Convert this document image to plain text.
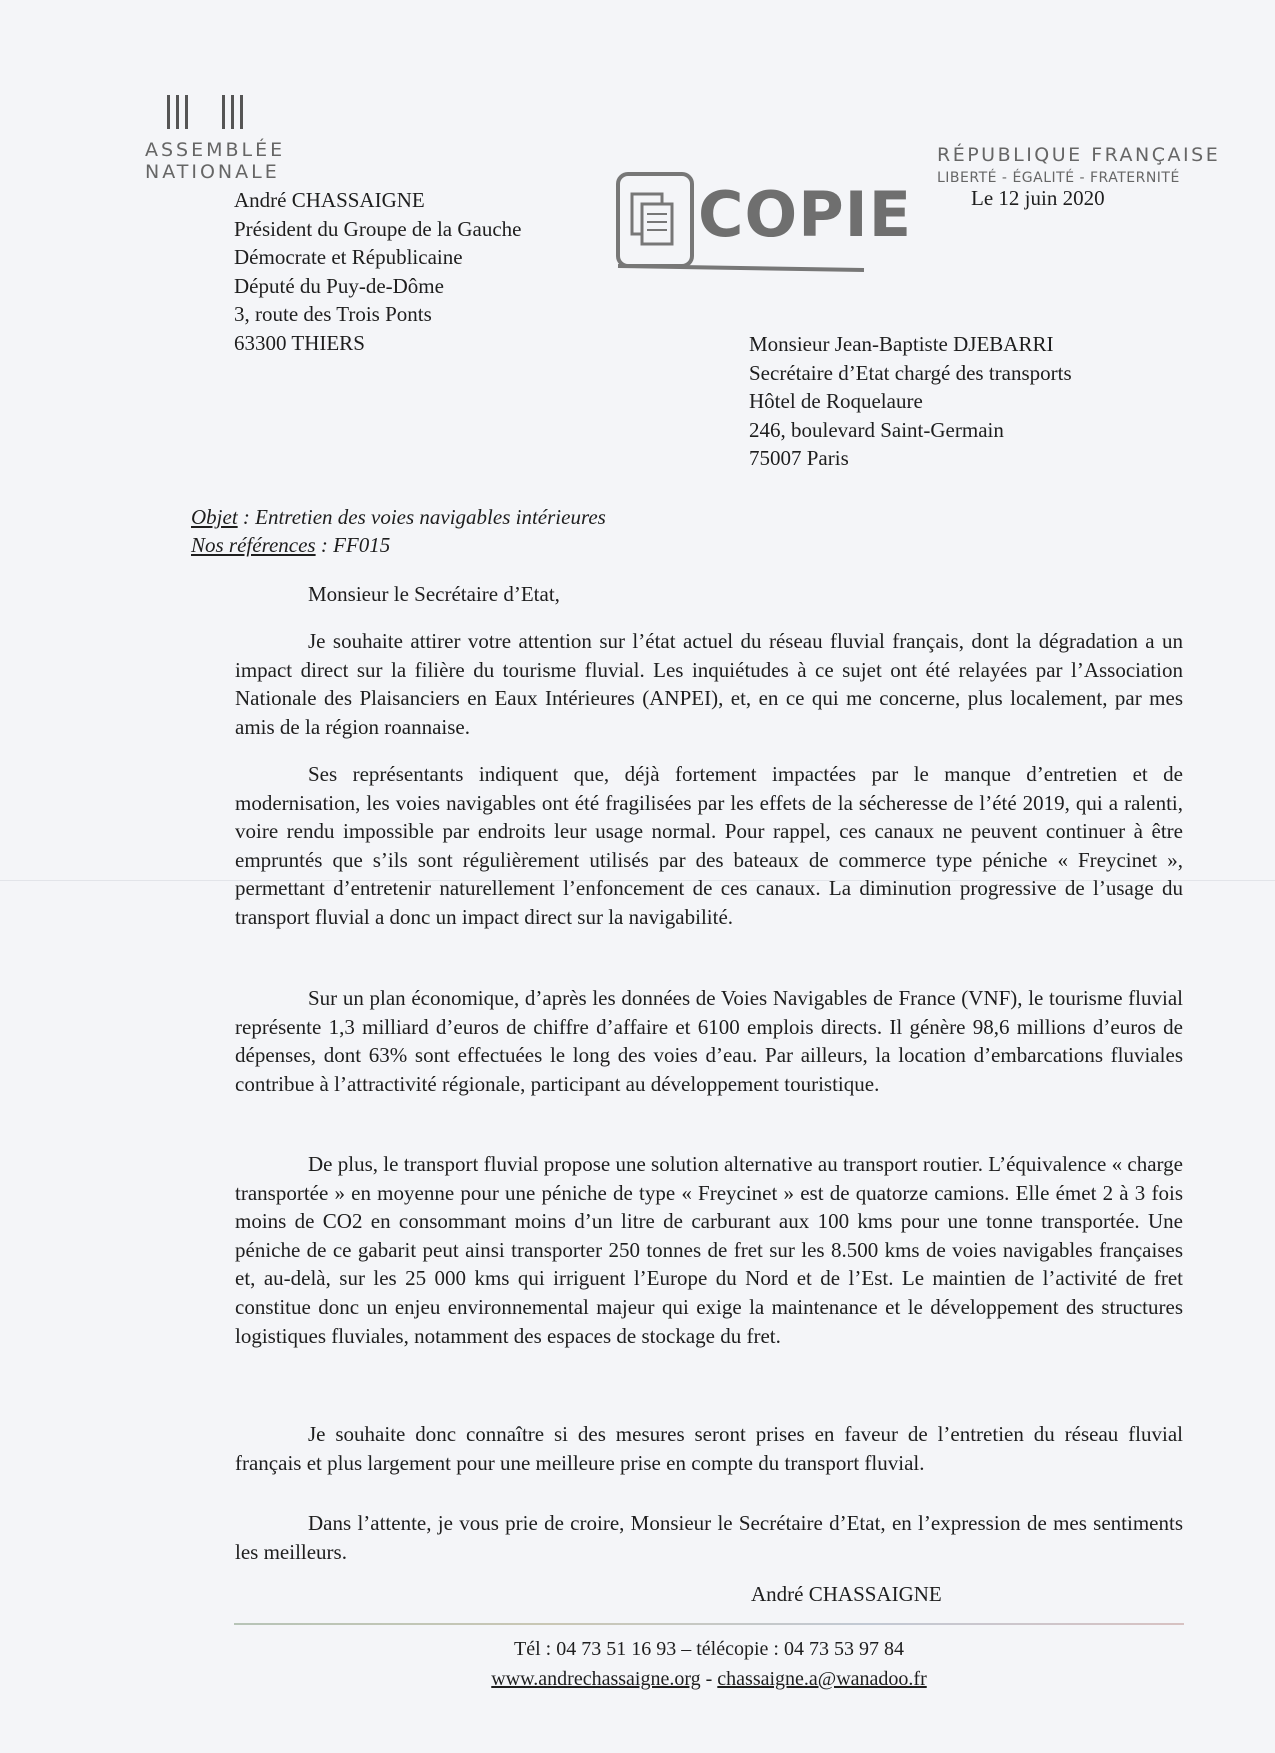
ASSEMBLÉE
NATIONALE
RÉPUBLIQUE FRANÇAISE
LIBERTÉ - ÉGALITÉ - FRATERNITÉ
COPIE
André CHASSAIGNE
Président du Groupe de la Gauche
Démocrate et Républicaine
Député du Puy-de-Dôme
3, route des Trois Ponts
63300 THIERS
Le 12 juin 2020
Monsieur Jean-Baptiste DJEBARRI
Secrétaire d’Etat chargé des transports
Hôtel de Roquelaure
246, boulevard Saint-Germain
75007 Paris
Objet : Entretien des voies navigables intérieures
Nos références : FF015
Monsieur le Secrétaire d’Etat,
Je souhaite attirer votre attention sur l’état actuel du réseau fluvial français, dont la dégradation a un impact direct sur la filière du tourisme fluvial. Les inquiétudes à ce sujet ont été relayées par l’Association Nationale des Plaisanciers en Eaux Intérieures (ANPEI), et, en ce qui me concerne, plus localement, par mes amis de la région roannaise.
Ses représentants indiquent que, déjà fortement impactées par le manque d’entretien et de modernisation, les voies navigables ont été fragilisées par les effets de la sécheresse de l’été 2019, qui a ralenti, voire rendu impossible par endroits leur usage normal. Pour rappel, ces canaux ne peuvent continuer à être empruntés que s’ils sont régulièrement utilisés par des bateaux de commerce type péniche « Freycinet », permettant d’entretenir naturellement l’enfoncement de ces canaux. La diminution progressive de l’usage du transport fluvial a donc un impact direct sur la navigabilité.
Sur un plan économique, d’après les données de Voies Navigables de France (VNF), le tourisme fluvial représente 1,3 milliard d’euros de chiffre d’affaire et 6100 emplois directs. Il génère 98,6 millions d’euros de dépenses, dont 63% sont effectuées le long des voies d’eau. Par ailleurs, la location d’embarcations fluviales contribue à l’attractivité régionale, participant au développement touristique.
De plus, le transport fluvial propose une solution alternative au transport routier. L’équivalence « charge transportée » en moyenne pour une péniche de type « Freycinet » est de quatorze camions. Elle émet 2 à 3 fois moins de CO2 en consommant moins d’un litre de carburant aux 100 kms pour une tonne transportée. Une péniche de ce gabarit peut ainsi transporter 250 tonnes de fret sur les 8.500 kms de voies navigables françaises et, au-delà, sur les 25 000 kms qui irriguent l’Europe du Nord et de l’Est. Le maintien de l’activité de fret constitue donc un enjeu environnemental majeur qui exige la maintenance et le développement des structures logistiques fluviales, notamment des espaces de stockage du fret.
Je souhaite donc connaître si des mesures seront prises en faveur de l’entretien du réseau fluvial français et plus largement pour une meilleure prise en compte du transport fluvial.
Dans l’attente, je vous prie de croire, Monsieur le Secrétaire d’Etat, en l’expression de mes sentiments les meilleurs.
André CHASSAIGNE
Tél : 04 73 51 16 93 – télécopie : 04 73 53 97 84
www.andrechassaigne.org - chassaigne.a@wanadoo.fr
